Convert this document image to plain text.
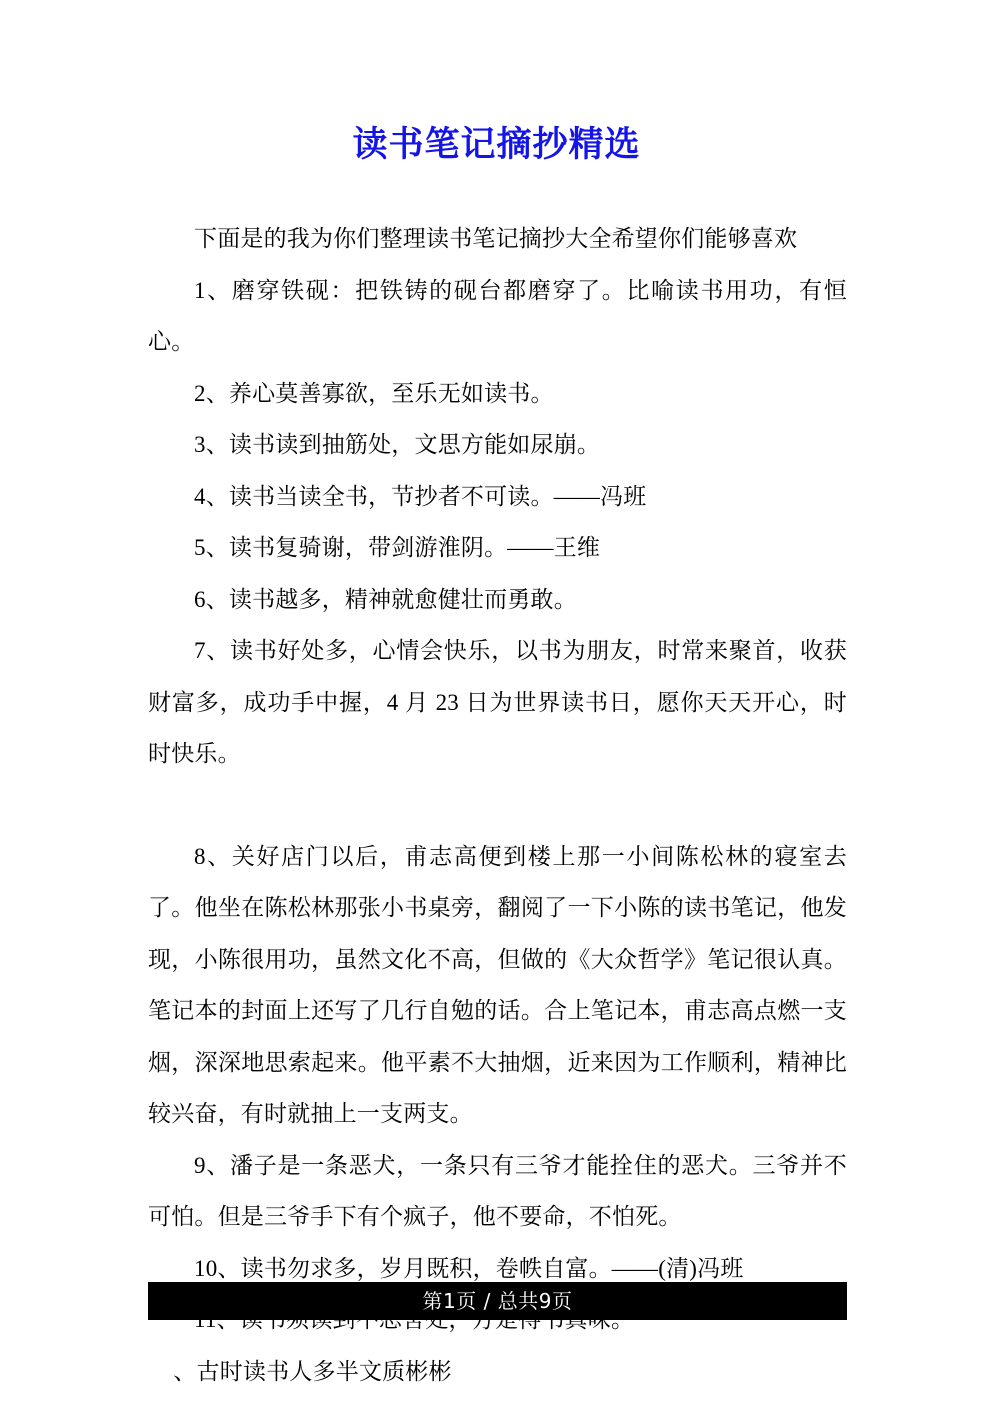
读书笔记摘抄精选

下面是的我为你们整理读书笔记摘抄大全希望你们能够喜欢

1、磨穿铁砚：把铁铸的砚台都磨穿了。比喻读书用功，有恒心。

2、养心莫善寡欲，至乐无如读书。

3、读书读到抽筋处，文思方能如尿崩。

4、读书当读全书，节抄者不可读。——冯班

5、读书复骑谢，带剑游淮阴。——王维

6、读书越多，精神就愈健壮而勇敢。

7、读书好处多，心情会快乐，以书为朋友，时常来聚首，收获财富多，成功手中握，4 月 23 日为世界读书日，愿你天天开心，时时快乐。

8、关好店门以后，甫志高便到楼上那一小间陈松林的寝室去了。他坐在陈松林那张小书桌旁，翻阅了一下小陈的读书笔记，他发现，小陈很用功，虽然文化不高，但做的《大众哲学》笔记很认真。笔记本的封面上还写了几行自勉的话。合上笔记本，甫志高点燃一支烟，深深地思索起来。他平素不大抽烟，近来因为工作顺利，精神比较兴奋，有时就抽上一支两支。

9、潘子是一条恶犬，一条只有三爷才能拴住的恶犬。三爷并不可怕。但是三爷手下有个疯子，他不要命，不怕死。

10、读书勿求多，岁月既积，卷帙自富。——(清)冯班

、古时读书人多半文质彬彬

第1页 / 总共9页
